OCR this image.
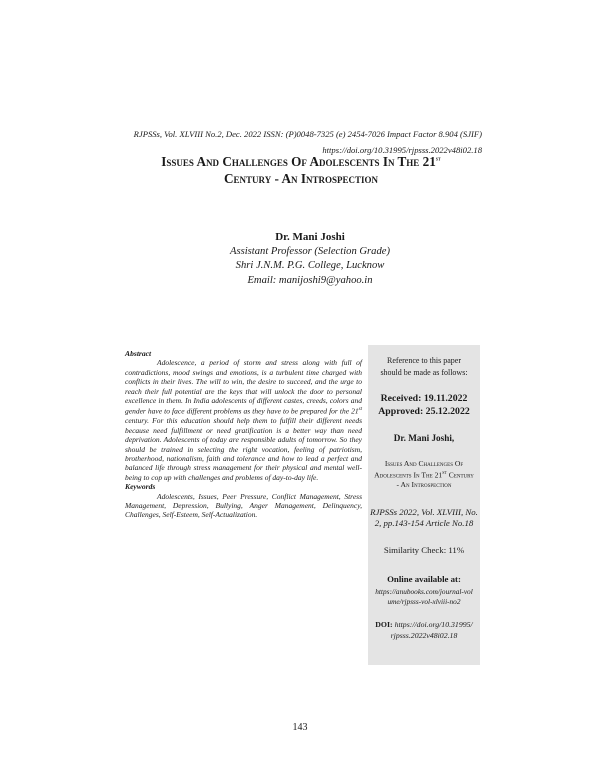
RJPSSs, Vol. XLVIII No.2, Dec. 2022 ISSN: (P)0048-7325 (e) 2454-7026 Impact Factor 8.904 (SJIF)
https://doi.org/10.31995/rjpsss.2022v48i02.18
Issues And Challenges Of Adolescents In The 21st
Century - An Introspection
Dr. Mani Joshi
Assistant Professor (Selection Grade)
Shri J.N.M. P.G. College, Lucknow
Email: manijoshi9@yahoo.in
Abstract

Adolescence, a period of storm and stress along with full of contradictions, mood swings and emotions, is a turbulent time charged with conflicts in their lives. The will to win, the desire to succeed, and the urge to reach their full potential are the keys that will unlock the door to personal excellence in them. In India adolescents of different castes, creeds, colors and gender have to face different problems as they have to be prepared for the 21st century. For this education should help them to fulfill their different needs because need fulfillment or need gratification is a better way than need deprivation. Adolescents of today are responsible adults of tomorrow. So they should be trained in selecting the right vocation, feeling of patriotism, brotherhood, nationalism, faith and tolerance and how to lead a perfect and balanced life through stress management for their physical and mental well-being to cop up with challenges and problems of day-to-day life.

Keywords

Adolescents, Issues, Peer Pressure, Conflict Management, Stress Management, Depression, Bullying, Anger Management, Delinquency, Challenges, Self-Esteem, Self-Actualization.

Reference to this paper should be made as follows:
Received: 19.11.2022
Approved: 25.12.2022
Dr. Mani Joshi,
Issues And Challenges Of Adolescents In The 21st Century - An Introspection
RJPSSs 2022, Vol. XLVIII, No. 2, pp.143-154 Article No.18
Similarity Check: 11%
Online available at:
https://anubooks.com/journal-volume/rjpsss-vol-xlviii-no2
DOI: https://doi.org/10.31995/rjpsss.2022v48i02.18
143
